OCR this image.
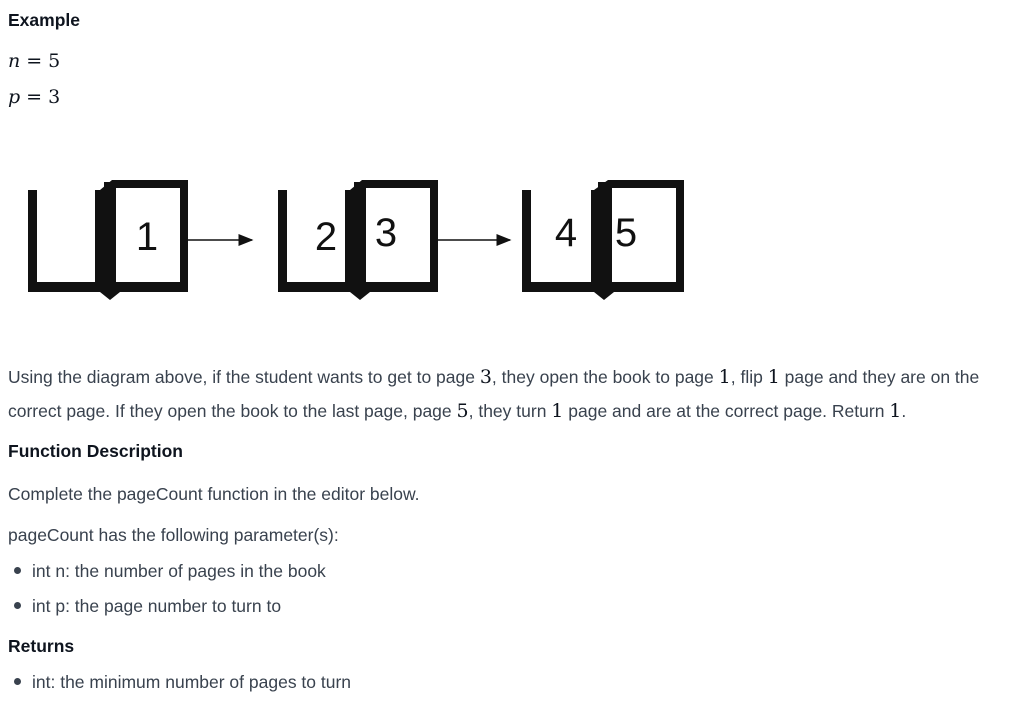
Example
n = 5
p = 3
1	2 3	4 5

Using the diagram above, if the student wants to get to page 3, they open the book to page 1, flip 1 page and they are on the

correct page. If they open the book to the last page, page 5, they turn 1 page and are at the correct page. Return 1.

Function Description

Complete the pageCount function in the editor below.

pageCount has the following parameter(s):

int n: the number of pages in the book
int p: the page number to turn to
Returns
int: the minimum number of pages to turn
